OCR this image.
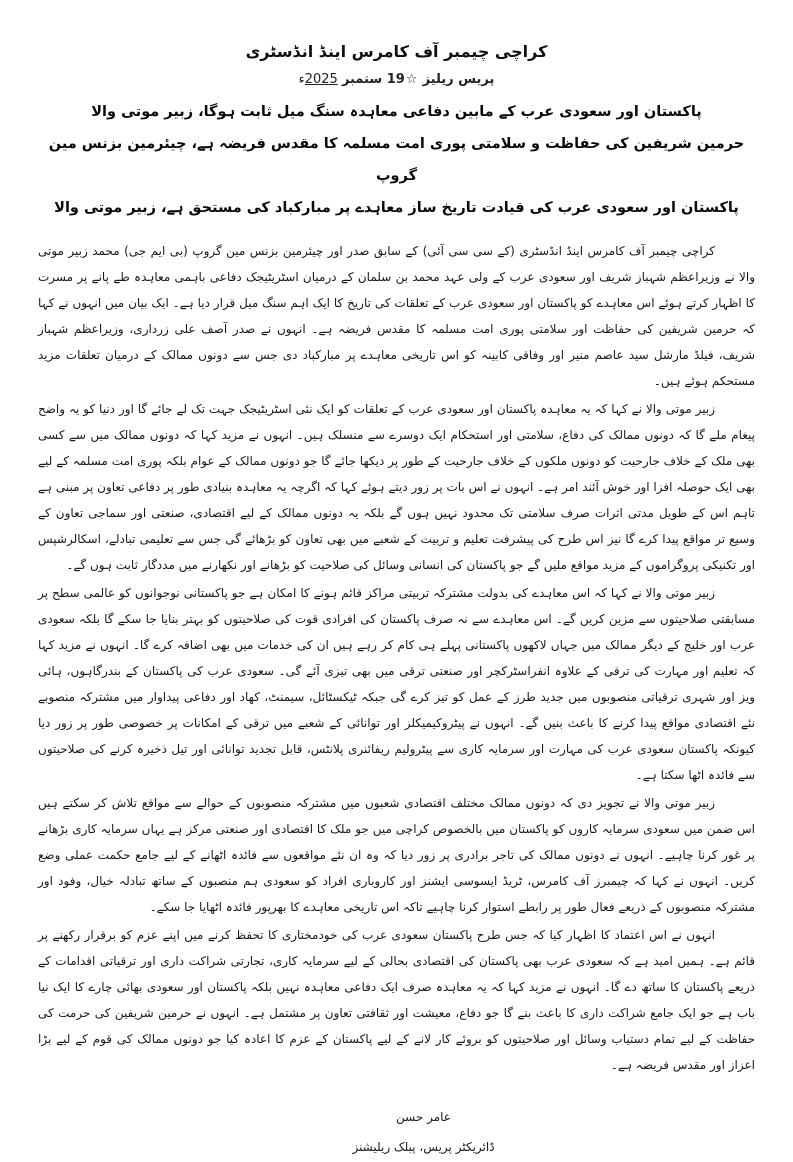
کراچی چیمبر آف کامرس اینڈ انڈسٹری
پریس ریلیز ☆19 ستمبر 2025ء
پاکستان اور سعودی عرب کے مابین دفاعی معاہدہ سنگ میل ثابت ہوگا، زبیر موتی والا
حرمین شریفین کی حفاظت و سلامتی پوری امت مسلمہ کا مقدس فریضہ ہے، چیئرمین بزنس مین گروپ
پاکستان اور سعودی عرب کی قیادت تاریخ ساز معاہدے پر مبارکباد کی مستحق ہے، زبیر موتی والا

کراچی چیمبر آف کامرس اینڈ انڈسٹری (کے سی سی آئی) کے سابق صدر اور چیئرمین بزنس مین گروپ (بی ایم جی) محمد زبیر موتی والا نے وزیراعظم شہباز شریف اور سعودی عرب کے ولی عہد محمد بن سلمان کے درمیان اسٹریٹیجک دفاعی باہمی معاہدہ طے پانے پر مسرت کا اظہار کرتے ہوئے اس معاہدے کو پاکستان اور سعودی عرب کے تعلقات کی تاریخ کا ایک اہم سنگ میل قرار دیا ہے۔ ایک بیان میں انہوں نے کہا کہ حرمین شریفین کی حفاظت اور سلامتی پوری امت مسلمہ کا مقدس فریضہ ہے۔ انہوں نے صدر آصف علی زرداری، وزیراعظم شہباز شریف، فیلڈ مارشل سید عاصم منیر اور وفاقی کابینہ کو اس تاریخی معاہدے پر مبارکباد دی جس سے دونوں ممالک کے درمیان تعلقات مزید مستحکم ہوئے ہیں۔

زبیر موتی والا نے کہا کہ یہ معاہدہ پاکستان اور سعودی عرب کے تعلقات کو ایک نئی اسٹریٹیجک جہت تک لے جائے گا اور دنیا کو یہ واضح پیغام ملے گا کہ دونوں ممالک کی دفاع، سلامتی اور استحکام ایک دوسرے سے منسلک ہیں۔ انہوں نے مزید کہا کہ دونوں ممالک میں سے کسی بھی ملک کے خلاف جارحیت کو دونوں ملکوں کے خلاف جارحیت کے طور پر دیکھا جائے گا جو دونوں ممالک کے عوام بلکہ پوری امت مسلمہ کے لیے بھی ایک حوصلہ افزا اور خوش آئند امر ہے۔ انہوں نے اس بات پر زور دیتے ہوئے کہا کہ اگرچہ یہ معاہدہ بنیادی طور پر دفاعی تعاون پر مبنی ہے تاہم اس کے طویل مدتی اثرات صرف سلامتی تک محدود نہیں ہوں گے بلکہ یہ دونوں ممالک کے لیے اقتصادی، صنعتی اور سماجی تعاون کے وسیع تر مواقع پیدا کرے گا نیز اس طرح کی پیشرفت تعلیم و تربیت کے شعبے میں بھی تعاون کو بڑھائے گی جس سے تعلیمی تبادلے، اسکالرشپس اور تکنیکی پروگراموں کے مزید مواقع ملیں گے جو پاکستان کی انسانی وسائل کی صلاحیت کو بڑھانے اور نکھارنے میں مددگار ثابت ہوں گے۔

زبیر موتی والا نے کہا کہ اس معاہدے کی بدولت مشترکہ تربیتی مراکز قائم ہونے کا امکان ہے جو پاکستانی نوجوانوں کو عالمی سطح پر مسابقتی صلاحیتوں سے مزین کریں گے۔ اس معاہدے سے نہ صرف پاکستان کی افرادی قوت کی صلاحیتوں کو بہتر بنایا جا سکے گا بلکہ سعودی عرب اور خلیج کے دیگر ممالک میں جہاں لاکھوں پاکستانی پہلے ہی کام کر رہے ہیں ان کی خدمات میں بھی اضافہ کرے گا۔ انہوں نے مزید کہا کہ تعلیم اور مہارت کی ترقی کے علاوہ انفراسٹرکچر اور صنعتی ترقی میں بھی تیزی آئے گی۔ سعودی عرب کی پاکستان کے بندرگاہوں، ہائی ویز اور شہری ترقیاتی منصوبوں میں جدید طرز کے عمل کو تیز کرے گی جبکہ ٹیکسٹائل، سیمنٹ، کھاد اور دفاعی پیداوار میں مشترکہ منصوبے نئے اقتصادی مواقع پیدا کرنے کا باعث بنیں گے۔ انہوں نے پیٹروکیمیکلز اور توانائی کے شعبے میں ترقی کے امکانات پر خصوصی طور پر زور دیا کیونکہ پاکستان سعودی عرب کی مہارت اور سرمایہ کاری سے پیٹرولیم ریفائنری پلانٹس، قابل تجدید توانائی اور تیل ذخیرہ کرنے کی صلاحیتوں سے فائدہ اٹھا سکتا ہے۔

زبیر موتی والا نے تجویز دی کہ دونوں ممالک مختلف اقتصادی شعبوں میں مشترکہ منصوبوں کے حوالے سے مواقع تلاش کر سکتے ہیں اس ضمن میں سعودی سرمایہ کاروں کو پاکستان میں بالخصوص کراچی میں جو ملک کا اقتصادی اور صنعتی مرکز ہے یہاں سرمایہ کاری بڑھانے پر غور کرنا چاہیے۔ انہوں نے دونوں ممالک کی تاجر برادری پر زور دیا کہ وہ ان نئے مواقعوں سے فائدہ اٹھانے کے لیے جامع حکمت عملی وضع کریں۔ انہوں نے کہا کہ چیمبرز آف کامرس، ٹریڈ ایسوسی ایشنز اور کاروباری افراد کو سعودی ہم منصبوں کے ساتھ تبادلہ خیال، وفود اور مشترکہ منصوبوں کے ذریعے فعال طور پر رابطے استوار کرنا چاہیے تاکہ اس تاریخی معاہدے کا بھرپور فائدہ اٹھایا جا سکے۔

انہوں نے اس اعتماد کا اظہار کیا کہ جس طرح پاکستان سعودی عرب کی خودمختاری کا تحفظ کرنے میں اپنے عزم کو برقرار رکھنے پر قائم ہے۔ ہمیں امید ہے کہ سعودی عرب بھی پاکستان کی اقتصادی بحالی کے لیے سرمایہ کاری، تجارتی شراکت داری اور ترقیاتی اقدامات کے ذریعے پاکستان کا ساتھ دے گا۔ انہوں نے مزید کہا کہ یہ معاہدہ صرف ایک دفاعی معاہدہ نہیں بلکہ پاکستان اور سعودی بھائی چارے کا ایک نیا باب ہے جو ایک جامع شراکت داری کا باعث بنے گا جو دفاع، معیشت اور ثقافتی تعاون پر مشتمل ہے۔ انہوں نے حرمین شریفین کی حرمت کی حفاظت کے لیے تمام دستیاب وسائل اور صلاحیتوں کو بروئے کار لانے کے لیے پاکستان کے عزم کا اعادہ کیا جو دونوں ممالک کی قوم کے لیے بڑا اعزاز اور مقدس فریضہ ہے۔

عامر حسن
ڈائریکٹر پریس، پبلک ریلیشنز
